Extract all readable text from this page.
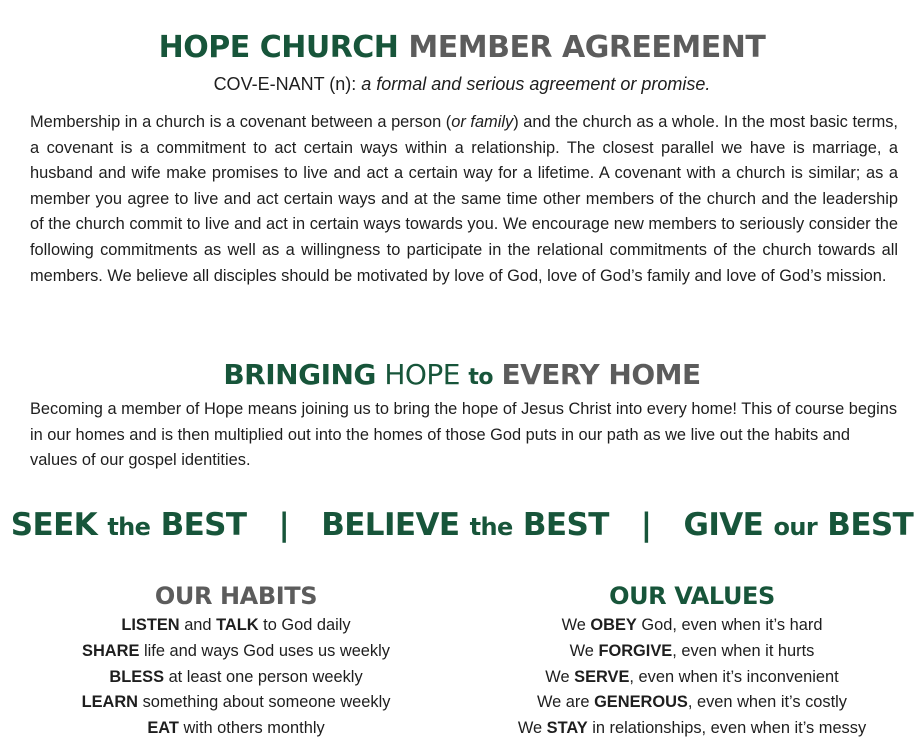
HOPE CHURCH MEMBER AGREEMENT
COV-E-NANT (n): a formal and serious agreement or promise.
Membership in a church is a covenant between a person (or family) and the church as a whole. In the most basic terms, a covenant is a commitment to act certain ways within a relationship. The closest parallel we have is marriage, a husband and wife make promises to live and act a certain way for a lifetime. A covenant with a church is similar; as a member you agree to live and act certain ways and at the same time other members of the church and the leadership of the church commit to live and act in certain ways towards you. We encourage new members to seriously consider the following commitments as well as a willingness to participate in the relational commitments of the church towards all members. We believe all disciples should be motivated by love of God, love of God’s family and love of God’s mission.
BRINGING HOPE to EVERY HOME
Becoming a member of Hope means joining us to bring the hope of Jesus Christ into every home! This of course begins in our homes and is then multiplied out into the homes of those God puts in our path as we live out the habits and values of our gospel identities.
SEEK the BEST | BELIEVE the BEST | GIVE our BEST
OUR HABITS
LISTEN and TALK to God daily
SHARE life and ways God uses us weekly
BLESS at least one person weekly
LEARN something about someone weekly
EAT with others monthly
OUR VALUES
We OBEY God, even when it’s hard
We FORGIVE, even when it hurts
We SERVE, even when it’s inconvenient
We are GENEROUS, even when it’s costly
We STAY in relationships, even when it’s messy
